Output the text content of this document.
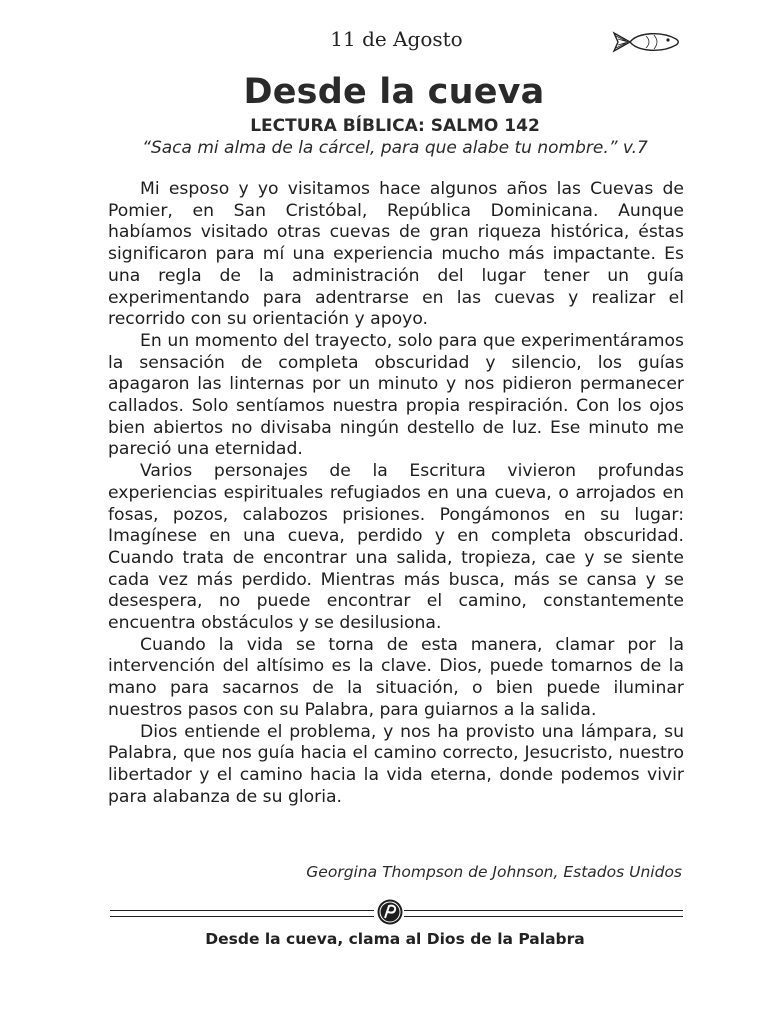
11 de Agosto
Desde la cueva
LECTURA BÍBLICA: SALMO 142
“Saca mi alma de la cárcel, para que alabe tu nombre.” v.7

Mi esposo y yo visitamos hace algunos años las Cuevas de Pomier, en San Cristóbal, República Dominicana. Aunque habíamos visitado otras cuevas de gran riqueza histórica, éstas significaron para mí una experiencia mucho más impactante. Es una regla de la administración del lugar tener un guía experimentando para adentrarse en las cuevas y realizar el recorrido con su orientación y apoyo.

En un momento del trayecto, solo para que experimentáramos la sensación de completa obscuridad y silencio, los guías apagaron las linternas por un minuto y nos pidieron permanecer callados. Solo sentíamos nuestra propia respiración. Con los ojos bien abiertos no divisaba ningún destello de luz. Ese minuto me pareció una eternidad.

Varios personajes de la Escritura vivieron profundas experiencias espirituales refugiados en una cueva, o arrojados en fosas, pozos, calabozos prisiones. Pongámonos en su lugar: Imagínese en una cueva, perdido y en completa obscuridad. Cuando trata de encontrar una salida, tropieza, cae y se siente cada vez más perdido. Mientras más busca, más se cansa y se desespera, no puede encontrar el camino, constantemente encuentra obstáculos y se desilusiona.

Cuando la vida se torna de esta manera, clamar por la intervención del altísimo es la clave. Dios, puede tomarnos de la mano para sacarnos de la situación, o bien puede iluminar nuestros pasos con su Palabra, para guiarnos a la salida.

Dios entiende el problema, y nos ha provisto una lámpara, su Palabra, que nos guía hacia el camino correcto, Jesucristo, nuestro libertador y el camino hacia la vida eterna, donde podemos vivir para alabanza de su gloria.

Georgina Thompson de Johnson, Estados Unidos
Desde la cueva, clama al Dios de la Palabra
